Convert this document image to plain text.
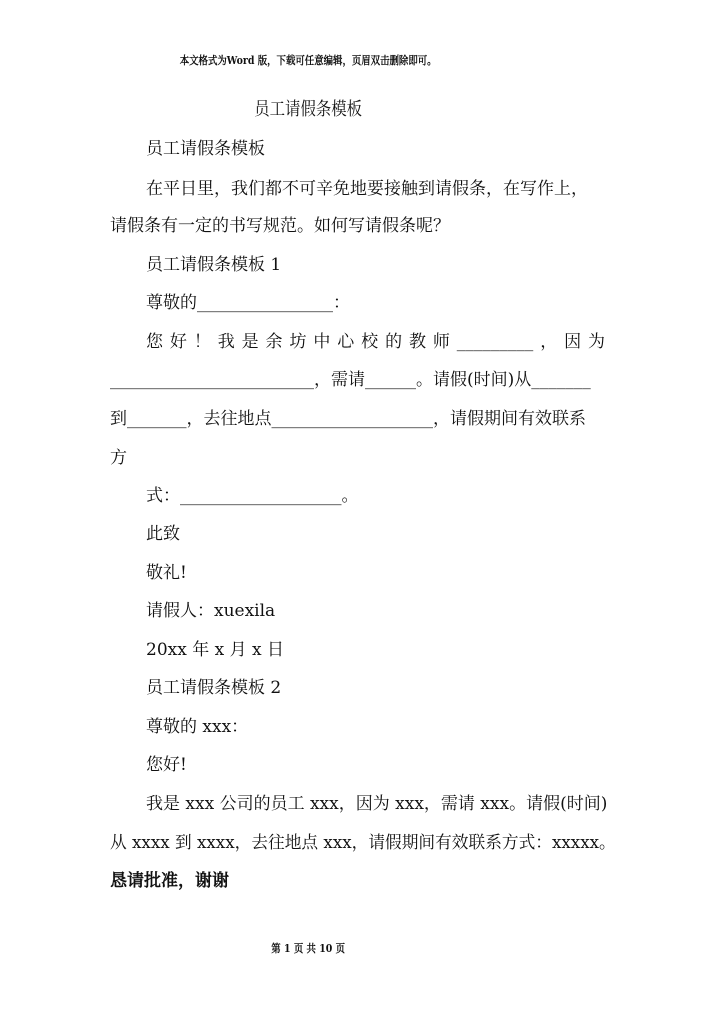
本文格式为Word 版，下载可任意编辑，页眉双击删除即可。
员工请假条模板
员工请假条模板
在平日里，我们都不可辛免地要接触到请假条，在写作上，
请假条有一定的书写规范。如何写请假条呢？
员工请假条模板 1
尊敬的________________：
您 好 ！ 我 是 余 坊 中 心 校 的 教 师 _________ ， 因 为
________________________，需请______。请假(时间)从_______
到_______，去往地点___________________，请假期间有效联系
方
式：___________________。
此致
敬礼!
请假人：xuexila
20xx 年 x 月 x 日
员工请假条模板 2
尊敬的 xxx：
您好!
我是 xxx 公司的员工 xxx，因为 xxx，需请 xxx。请假(时间)
从 xxxx 到 xxxx，去往地点 xxx，请假期间有效联系方式：xxxxx。
恳请批准，谢谢
第 1 页 共 10 页
